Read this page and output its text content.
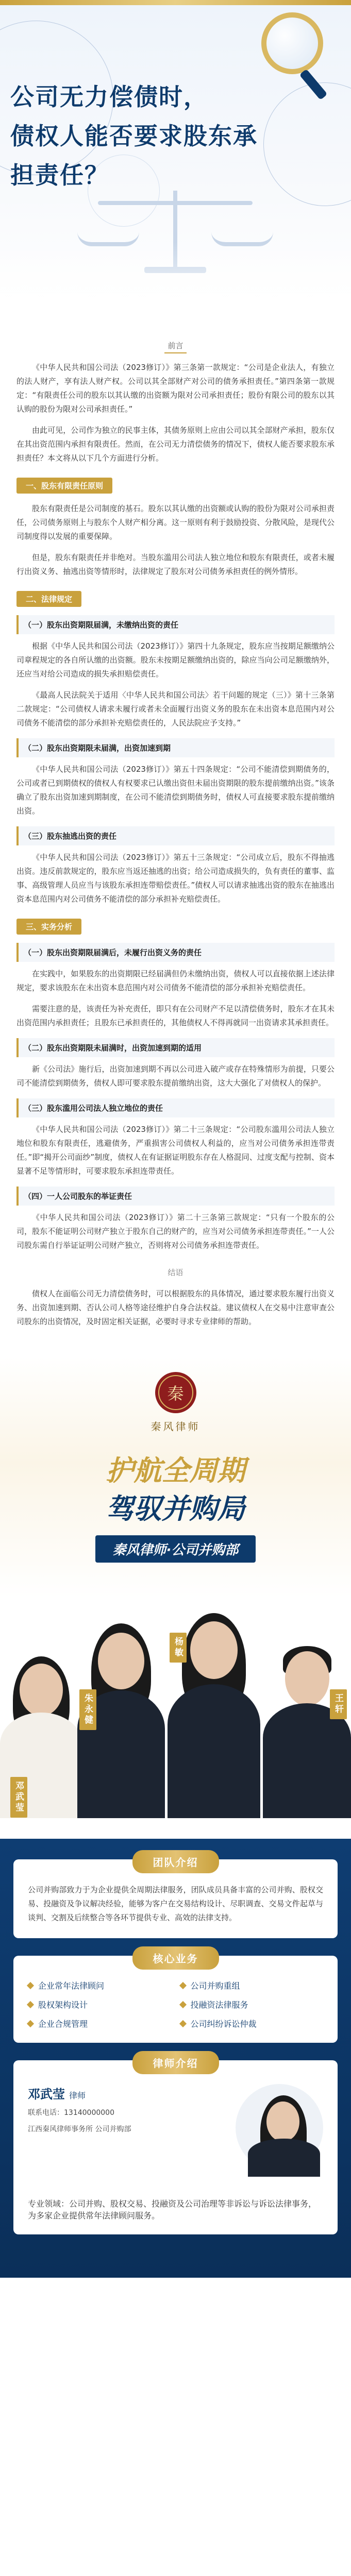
公司无力偿债时，
债权人能否要求股东承
担责任？
前言

《中华人民共和国公司法（2023修订）》第三条第一款规定：“公司是企业法人，有独立的法人财产，享有法人财产权。公司以其全部财产对公司的债务承担责任。”第四条第一款规定：“有限责任公司的股东以其认缴的出资额为限对公司承担责任；股份有限公司的股东以其认购的股份为限对公司承担责任。”

由此可见，公司作为独立的民事主体，其债务原则上应由公司以其全部财产承担，股东仅在其出资范围内承担有限责任。然而，在公司无力清偿债务的情况下，债权人能否要求股东承担责任？本文将从以下几个方面进行分析。

一、股东有限责任原则

股东有限责任是公司制度的基石。股东以其认缴的出资额或认购的股份为限对公司承担责任，公司债务原则上与股东个人财产相分离。这一原则有利于鼓励投资、分散风险，是现代公司制度得以发展的重要保障。

但是，股东有限责任并非绝对。当股东滥用公司法人独立地位和股东有限责任，或者未履行出资义务、抽逃出资等情形时，法律规定了股东对公司债务承担责任的例外情形。

二、法律规定
（一）股东出资期限届满，未缴纳出资的责任

根据《中华人民共和国公司法（2023修订）》第四十九条规定，股东应当按期足额缴纳公司章程规定的各自所认缴的出资额。股东未按期足额缴纳出资的，除应当向公司足额缴纳外，还应当对给公司造成的损失承担赔偿责任。

《最高人民法院关于适用〈中华人民共和国公司法〉若干问题的规定（三）》第十三条第二款规定：“公司债权人请求未履行或者未全面履行出资义务的股东在未出资本息范围内对公司债务不能清偿的部分承担补充赔偿责任的，人民法院应予支持。”

（二）股东出资期限未届满，出资加速到期

《中华人民共和国公司法（2023修订）》第五十四条规定：“公司不能清偿到期债务的，公司或者已到期债权的债权人有权要求已认缴出资但未届出资期限的股东提前缴纳出资。”该条确立了股东出资加速到期制度，在公司不能清偿到期债务时，债权人可直接要求股东提前缴纳出资。

（三）股东抽逃出资的责任

《中华人民共和国公司法（2023修订）》第五十三条规定：“公司成立后，股东不得抽逃出资。违反前款规定的，股东应当返还抽逃的出资；给公司造成损失的，负有责任的董事、监事、高级管理人员应当与该股东承担连带赔偿责任。”债权人可以请求抽逃出资的股东在抽逃出资本息范围内对公司债务不能清偿的部分承担补充赔偿责任。

三、实务分析
（一）股东出资期限届满后，未履行出资义务的责任

在实践中，如果股东的出资期限已经届满但仍未缴纳出资，债权人可以直接依据上述法律规定，要求该股东在未出资本息范围内对公司债务不能清偿的部分承担补充赔偿责任。

需要注意的是，该责任为补充责任，即只有在公司财产不足以清偿债务时，股东才在其未出资范围内承担责任；且股东已承担责任的，其他债权人不得再就同一出资请求其承担责任。

（二）股东出资期限未届满时，出资加速到期的适用

新《公司法》施行后，出资加速到期不再以公司进入破产或存在特殊情形为前提，只要公司不能清偿到期债务，债权人即可要求股东提前缴纳出资，这大大强化了对债权人的保护。

（三）股东滥用公司法人独立地位的责任

《中华人民共和国公司法（2023修订）》第二十三条规定：“公司股东滥用公司法人独立地位和股东有限责任，逃避债务，严重损害公司债权人利益的，应当对公司债务承担连带责任。”即“揭开公司面纱”制度，债权人在有证据证明股东存在人格混同、过度支配与控制、资本显著不足等情形时，可要求股东承担连带责任。

（四）一人公司股东的举证责任

《中华人民共和国公司法（2023修订）》第二十三条第三款规定：“只有一个股东的公司，股东不能证明公司财产独立于股东自己的财产的，应当对公司债务承担连带责任。”一人公司股东需自行举证证明公司财产独立，否则将对公司债务承担连带责任。

结语

债权人在面临公司无力清偿债务时，可以根据股东的具体情况，通过要求股东履行出资义务、出资加速到期、否认公司人格等途径维护自身合法权益。建议债权人在交易中注意审查公司股东的出资情况，及时固定相关证据，必要时寻求专业律师的帮助。

秦
秦风律师
护航全周期
驾驭并购局
秦风律师·公司并购部
邓武莹
朱永健
杨敏
王轩
团队介绍

公司并购部致力于为企业提供全周期法律服务，团队成员具备丰富的公司并购、股权交易、投融资及争议解决经验，能够为客户在交易结构设计、尽职调查、交易文件起草与谈判、交割及后续整合等各环节提供专业、高效的法律支持。

核心业务
企业常年法律顾问	公司并购重组
股权架构设计	投融资法律服务
企业合规管理	公司纠纷诉讼仲裁
律师介绍
邓武莹 律师
联系电话：13140000000
江西秦风律师事务所 公司并购部

专业领域：公司并购、股权交易、投融资及公司治理等非诉讼与诉讼法律事务，为多家企业提供常年法律顾问服务。
